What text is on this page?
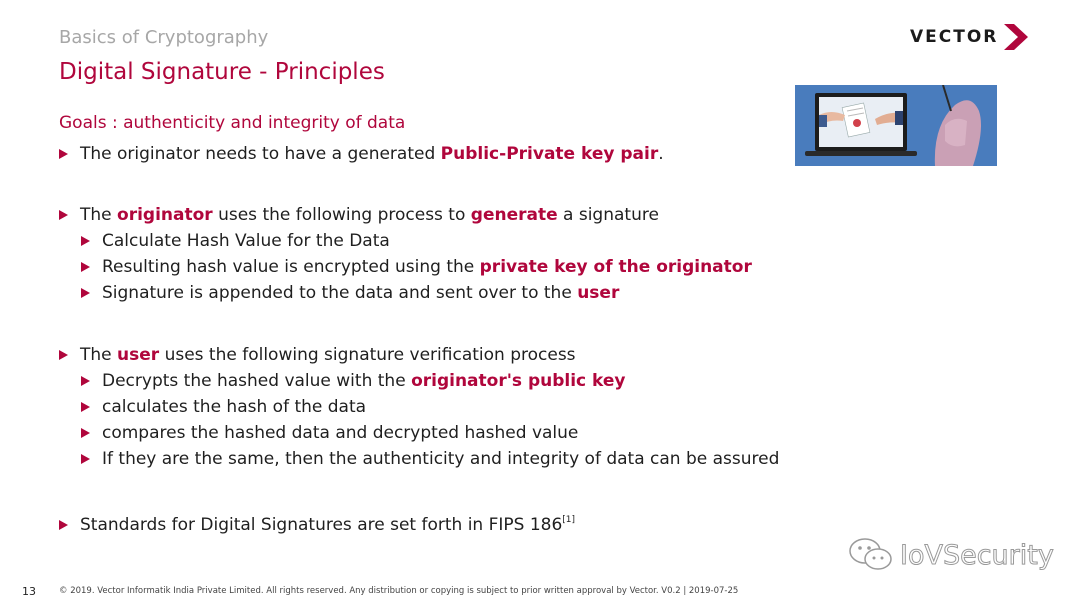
Basics of Cryptography
Digital Signature - Principles
VECTOR
Goals : authenticity and integrity of data
The originator needs to have a generated Public-Private key pair.
The originator uses the following process to generate a signature
Calculate Hash Value for the Data
Resulting hash value is encrypted using the private key of the originator
Signature is appended to the data and sent over to the user
The user uses the following signature verification process
Decrypts the hashed value with the originator's public key
calculates the hash of the data
compares the hashed data and decrypted hashed value
If they are the same, then the authenticity and integrity of data can be assured
Standards for Digital Signatures are set forth in FIPS 186[1]
IoVSecurity
13	© 2019. Vector Informatik India Private Limited. All rights reserved. Any distribution or copying is subject to prior written approval by Vector. V0.2 | 2019-07-25
